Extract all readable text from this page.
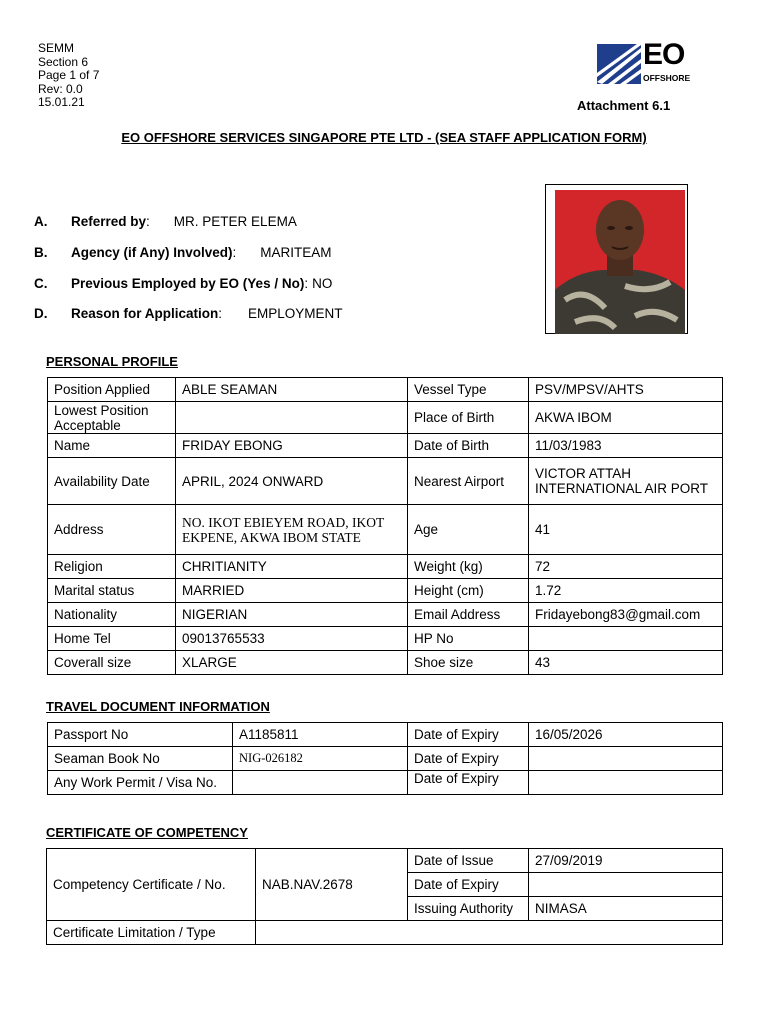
SEMM
Section 6
Page 1 of 7
Rev: 0.0
15.01.21
EO
OFFSHORE
Attachment 6.1
EO OFFSHORE SERVICES SINGAPORE PTE LTD - (SEA STAFF APPLICATION FORM)
A. Referred by: MR. PETER ELEMA
B. Agency (if Any) Involved): MARITEAM
C. Previous Employed by EO (Yes / No): NO
D. Reason for Application: EMPLOYMENT
PERSONAL PROFILE
Position Applied	ABLE SEAMAN	Vessel Type	PSV/MPSV/AHTS
Lowest Position Acceptable		Place of Birth	AKWA IBOM
Name	FRIDAY EBONG	Date of Birth	11/03/1983
Availability Date	APRIL, 2024 ONWARD	Nearest Airport	VICTOR ATTAH INTERNATIONAL AIR PORT
Address	NO. IKOT EBIEYEM ROAD, IKOT EKPENE, AKWA IBOM STATE	Age	41
Religion	CHRITIANITY	Weight (kg)	72
Marital status	MARRIED	Height (cm)	1.72
Nationality	NIGERIAN	Email Address	Fridayebong83@gmail.com
Home Tel	09013765533	HP No	
Coverall size	XLARGE	Shoe size	43
TRAVEL DOCUMENT INFORMATION
Passport No	A1185811	Date of Expiry	16/05/2026
Seaman Book No	NIG-026182	Date of Expiry	
Any Work Permit / Visa No.		Date of Expiry	
CERTIFICATE OF COMPETENCY
Competency Certificate / No.	NAB.NAV.2678	Date of Issue	27/09/2019
		Date of Expiry	
		Issuing Authority	NIMASA
Certificate Limitation / Type			
